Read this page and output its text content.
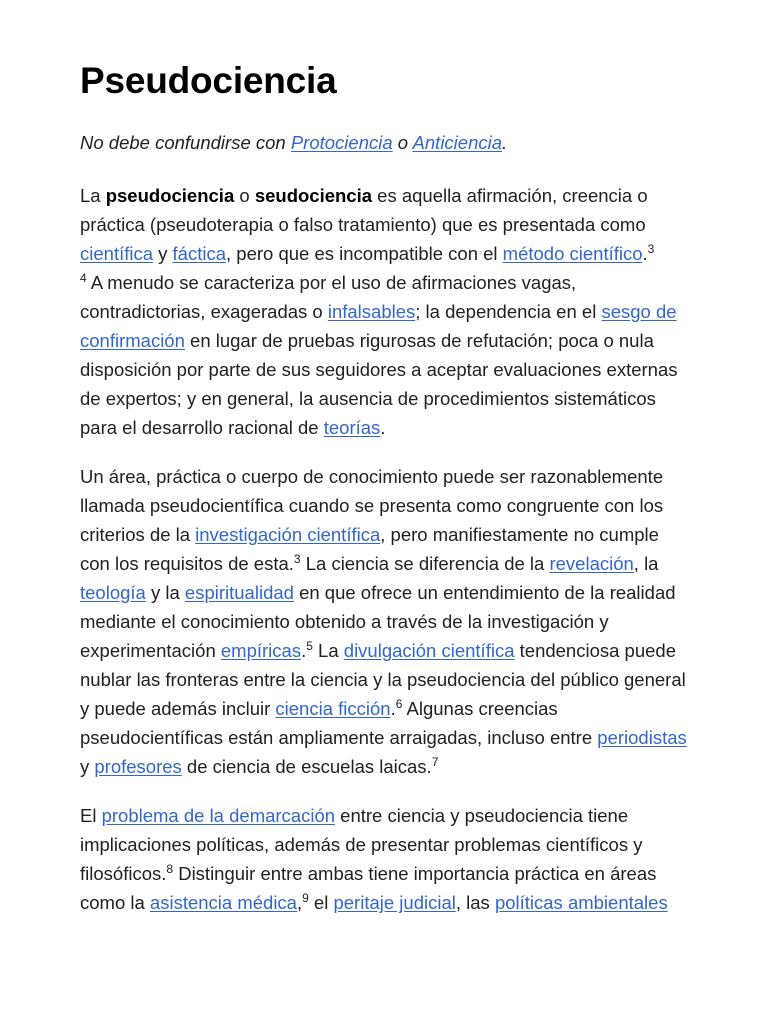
Pseudociencia
No debe confundirse con Protociencia o Anticiencia.

La pseudociencia o seudociencia es aquella afirmación, creencia o práctica (pseudoterapia o falso tratamiento) que es presentada como científica y fáctica, pero que es incompatible con el método científico.$^3$
$^4$ A menudo se caracteriza por el uso de afirmaciones vagas, contradictorias, exageradas o infalsables; la dependencia en el sesgo de confirmación en lugar de pruebas rigurosas de refutación; poca o nula disposición por parte de sus seguidores a aceptar evaluaciones externas de expertos; y en general, la ausencia de procedimientos sistemáticos para el desarrollo racional de teorías.

Un área, práctica o cuerpo de conocimiento puede ser razonablemente llamada pseudocientífica cuando se presenta como congruente con los criterios de la investigación científica, pero manifiestamente no cumple con los requisitos de esta.$^3$ La ciencia se diferencia de la revelación, la teología y la espiritualidad en que ofrece un entendimiento de la realidad mediante el conocimiento obtenido a través de la investigación y experimentación empíricas.$^5$ La divulgación científica tendenciosa puede nublar las fronteras entre la ciencia y la pseudociencia del público general y puede además incluir ciencia ficción.$^6$ Algunas creencias pseudocientíficas están ampliamente arraigadas, incluso entre periodistas y profesores de ciencia de escuelas laicas.$^7$

El problema de la demarcación entre ciencia y pseudociencia tiene implicaciones políticas, además de presentar problemas científicos y filosóficos.$^8$ Distinguir entre ambas tiene importancia práctica en áreas como la asistencia médica,$^9$ el peritaje judicial, las políticas ambientales
